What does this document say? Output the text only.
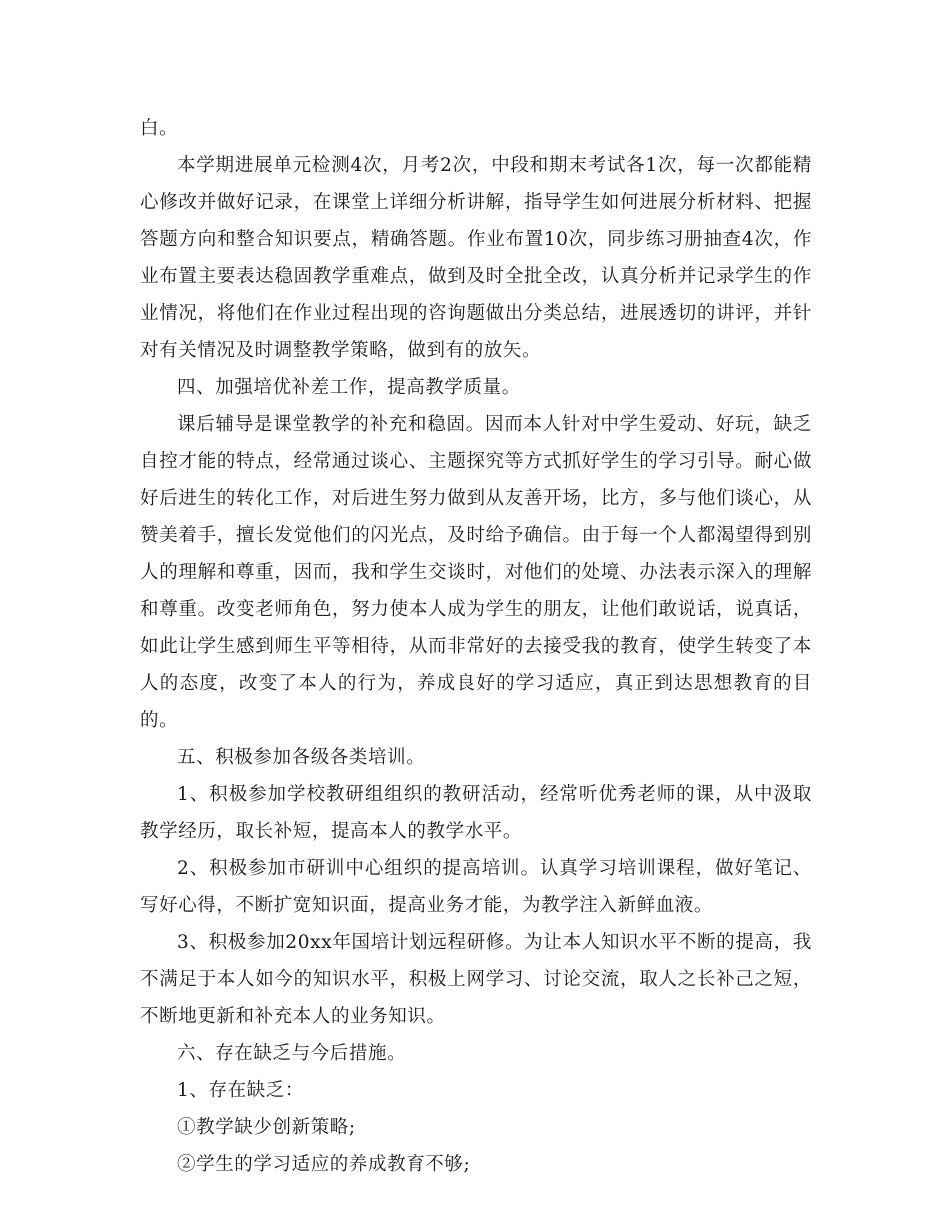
白。

本学期进展单元检测4次，月考2次，中段和期末考试各1次，每一次都能精心修改并做好记录，在课堂上详细分析讲解，指导学生如何进展分析材料、把握答题方向和整合知识要点，精确答题。作业布置10次，同步练习册抽查4次，作业布置主要表达稳固教学重难点，做到及时全批全改，认真分析并记录学生的作业情况，将他们在作业过程出现的咨询题做出分类总结，进展透切的讲评，并针对有关情况及时调整教学策略，做到有的放矢。

四、加强培优补差工作，提高教学质量。

课后辅导是课堂教学的补充和稳固。因而本人针对中学生爱动、好玩，缺乏自控才能的特点，经常通过谈心、主题探究等方式抓好学生的学习引导。耐心做好后进生的转化工作，对后进生努力做到从友善开场，比方，多与他们谈心，从赞美着手，擅长发觉他们的闪光点，及时给予确信。由于每一个人都渴望得到别人的理解和尊重，因而，我和学生交谈时，对他们的处境、办法表示深入的理解和尊重。改变老师角色，努力使本人成为学生的朋友，让他们敢说话，说真话，如此让学生感到师生平等相待，从而非常好的去接受我的教育，使学生转变了本人的态度，改变了本人的行为，养成良好的学习适应，真正到达思想教育的目的。

五、积极参加各级各类培训。

1、积极参加学校教研组组织的教研活动，经常听优秀老师的课，从中汲取教学经历，取长补短，提高本人的教学水平。

2、积极参加市研训中心组织的提高培训。认真学习培训课程，做好笔记、写好心得，不断扩宽知识面，提高业务才能，为教学注入新鲜血液。

3、积极参加20xx年国培计划远程研修。为让本人知识水平不断的提高，我不满足于本人如今的知识水平，积极上网学习、讨论交流，取人之长补己之短，不断地更新和补充本人的业务知识。

六、存在缺乏与今后措施。

1、存在缺乏：

①教学缺少创新策略;

②学生的学习适应的养成教育不够;
